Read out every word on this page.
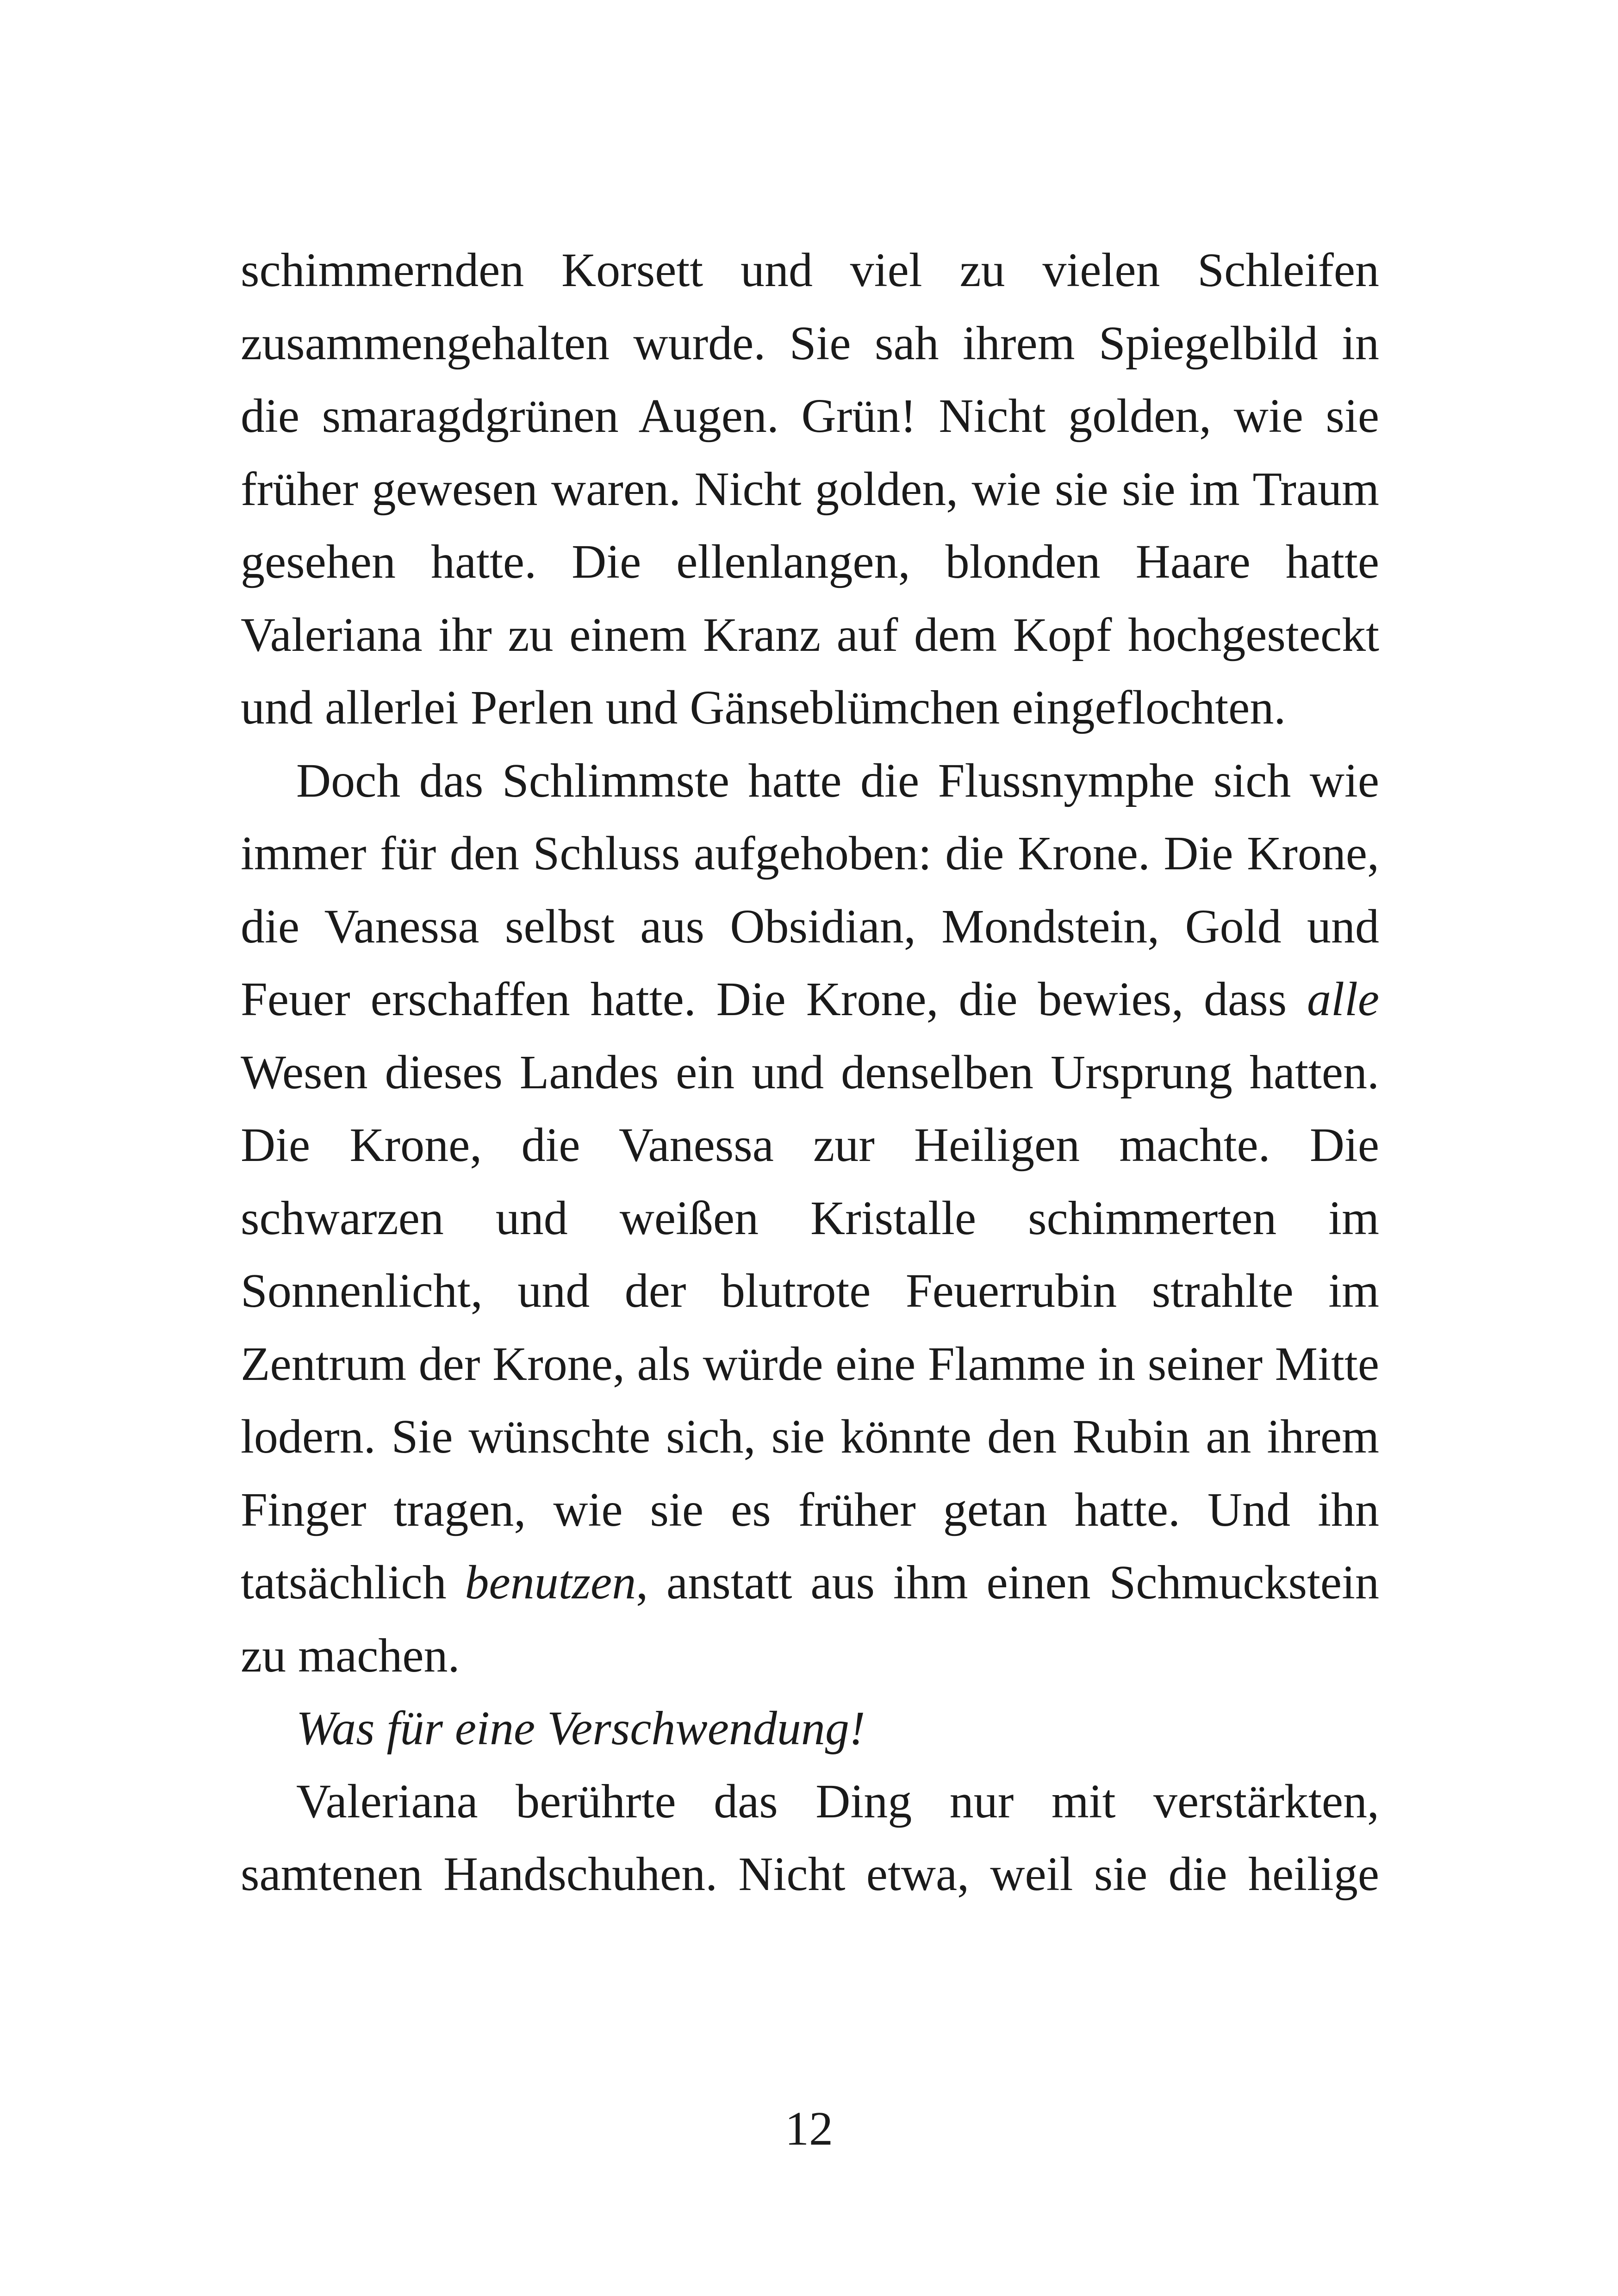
schimmernden Korsett und viel zu vielen Schleifen zusammengehalten wurde. Sie sah ihrem Spiegelbild in die smaragdgrünen Augen. Grün! Nicht golden, wie sie früher gewesen waren. Nicht golden, wie sie sie im Traum gesehen hatte. Die ellenlangen, blonden Haare hatte Valeriana ihr zu einem Kranz auf dem Kopf hochgesteckt und allerlei Perlen und Gänseblümchen eingeflochten.

Doch das Schlimmste hatte die Flussnymphe sich wie immer für den Schluss aufgehoben: die Krone. Die Krone, die Vanessa selbst aus Obsidian, Mondstein, Gold und Feuer erschaffen hatte. Die Krone, die bewies, dass alle Wesen dieses Landes ein und denselben Ursprung hatten. Die Krone, die Vanessa zur Heiligen machte. Die schwarzen und weißen Kristalle schimmerten im Sonnenlicht, und der blutrote Feuerrubin strahlte im Zentrum der Krone, als würde eine Flamme in seiner Mitte lodern. Sie wünschte sich, sie könnte den Rubin an ihrem Finger tragen, wie sie es früher getan hatte. Und ihn tatsächlich benutzen, anstatt aus ihm einen Schmuckstein zu machen.

Was für eine Verschwendung!

Valeriana berührte das Ding nur mit verstärkten, samtenen Handschuhen. Nicht etwa, weil sie die heilige

12
